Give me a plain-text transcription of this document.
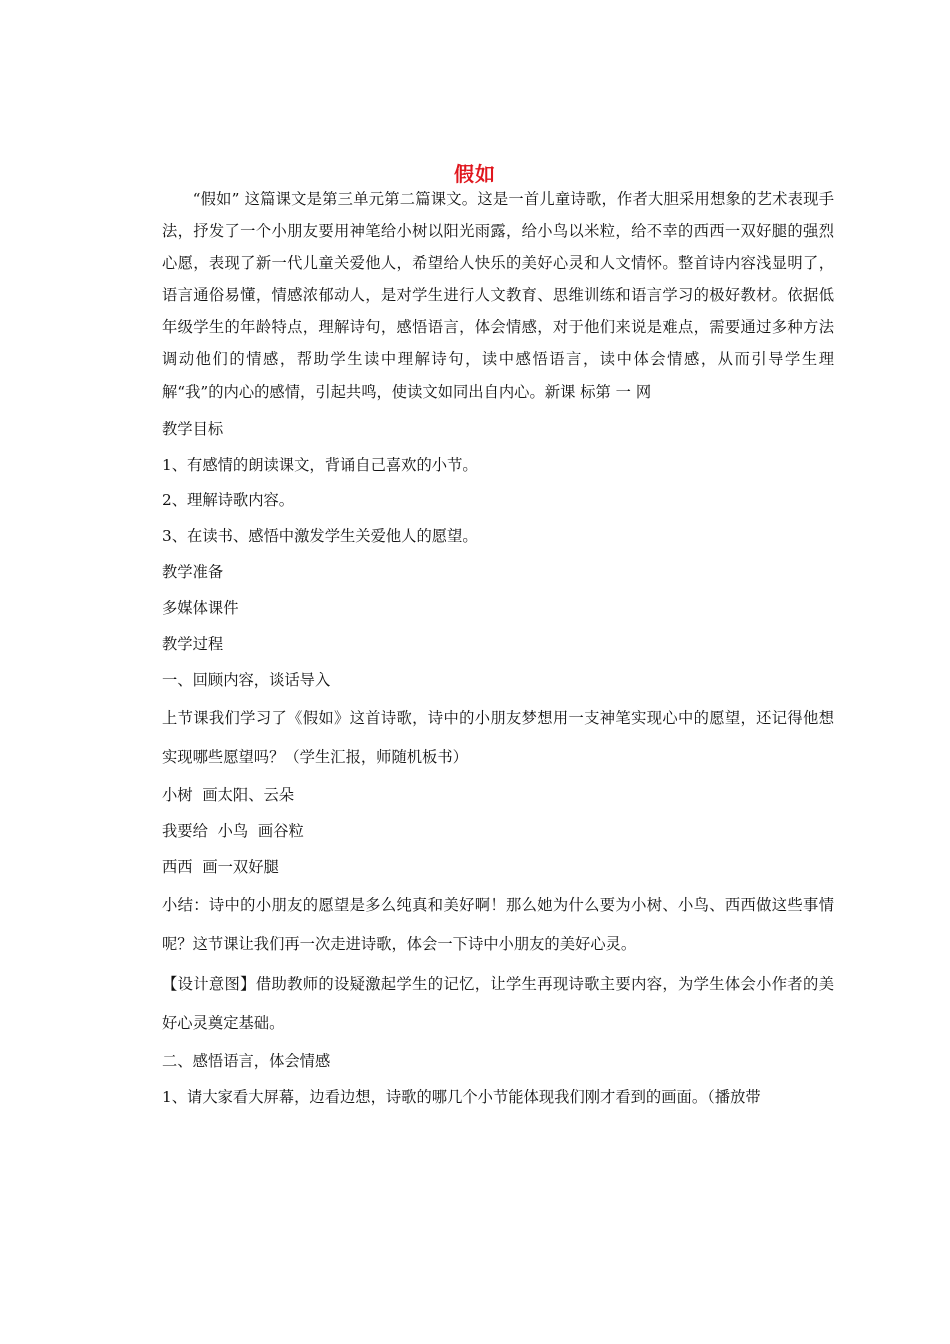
假如

“假如” 这篇课文是第三单元第二篇课文。这是一首儿童诗歌，作者大胆采用想象的艺术表现手法，抒发了一个小朋友要用神笔给小树以阳光雨露，给小鸟以米粒，给不幸的西西一双好腿的强烈心愿，表现了新一代儿童关爱他人，希望给人快乐的美好心灵和人文情怀。整首诗内容浅显明了，语言通俗易懂，情感浓郁动人，是对学生进行人文教育、思维训练和语言学习的极好教材。依据低年级学生的年龄特点，理解诗句，感悟语言，体会情感，对于他们来说是难点，需要通过多种方法调动他们的情感，帮助学生读中理解诗句，读中感悟语言，读中体会情感，从而引导学生理解“我”的内心的感情，引起共鸣，使读文如同出自内心。新课 标第 一 网

教学目标

1、有感情的朗读课文，背诵自己喜欢的小节。

2、理解诗歌内容。

3、在读书、感悟中激发学生关爱他人的愿望。

教学准备

多媒体课件

教学过程

一、回顾内容，谈话导入

上节课我们学习了《假如》这首诗歌，诗中的小朋友梦想用一支神笔实现心中的愿望，还记得他想实现哪些愿望吗？（学生汇报，师随机板书）

小树  画太阳、云朵

我要给  小鸟  画谷粒

西西  画一双好腿

小结：诗中的小朋友的愿望是多么纯真和美好啊！那么她为什么要为小树、小鸟、西西做这些事情呢？这节课让我们再一次走进诗歌，体会一下诗中小朋友的美好心灵。

【设计意图】借助教师的设疑激起学生的记忆，让学生再现诗歌主要内容，为学生体会小作者的美好心灵奠定基础。

二、感悟语言，体会情感

1、请大家看大屏幕，边看边想，诗歌的哪几个小节能体现我们刚才看到的画面。（播放带
